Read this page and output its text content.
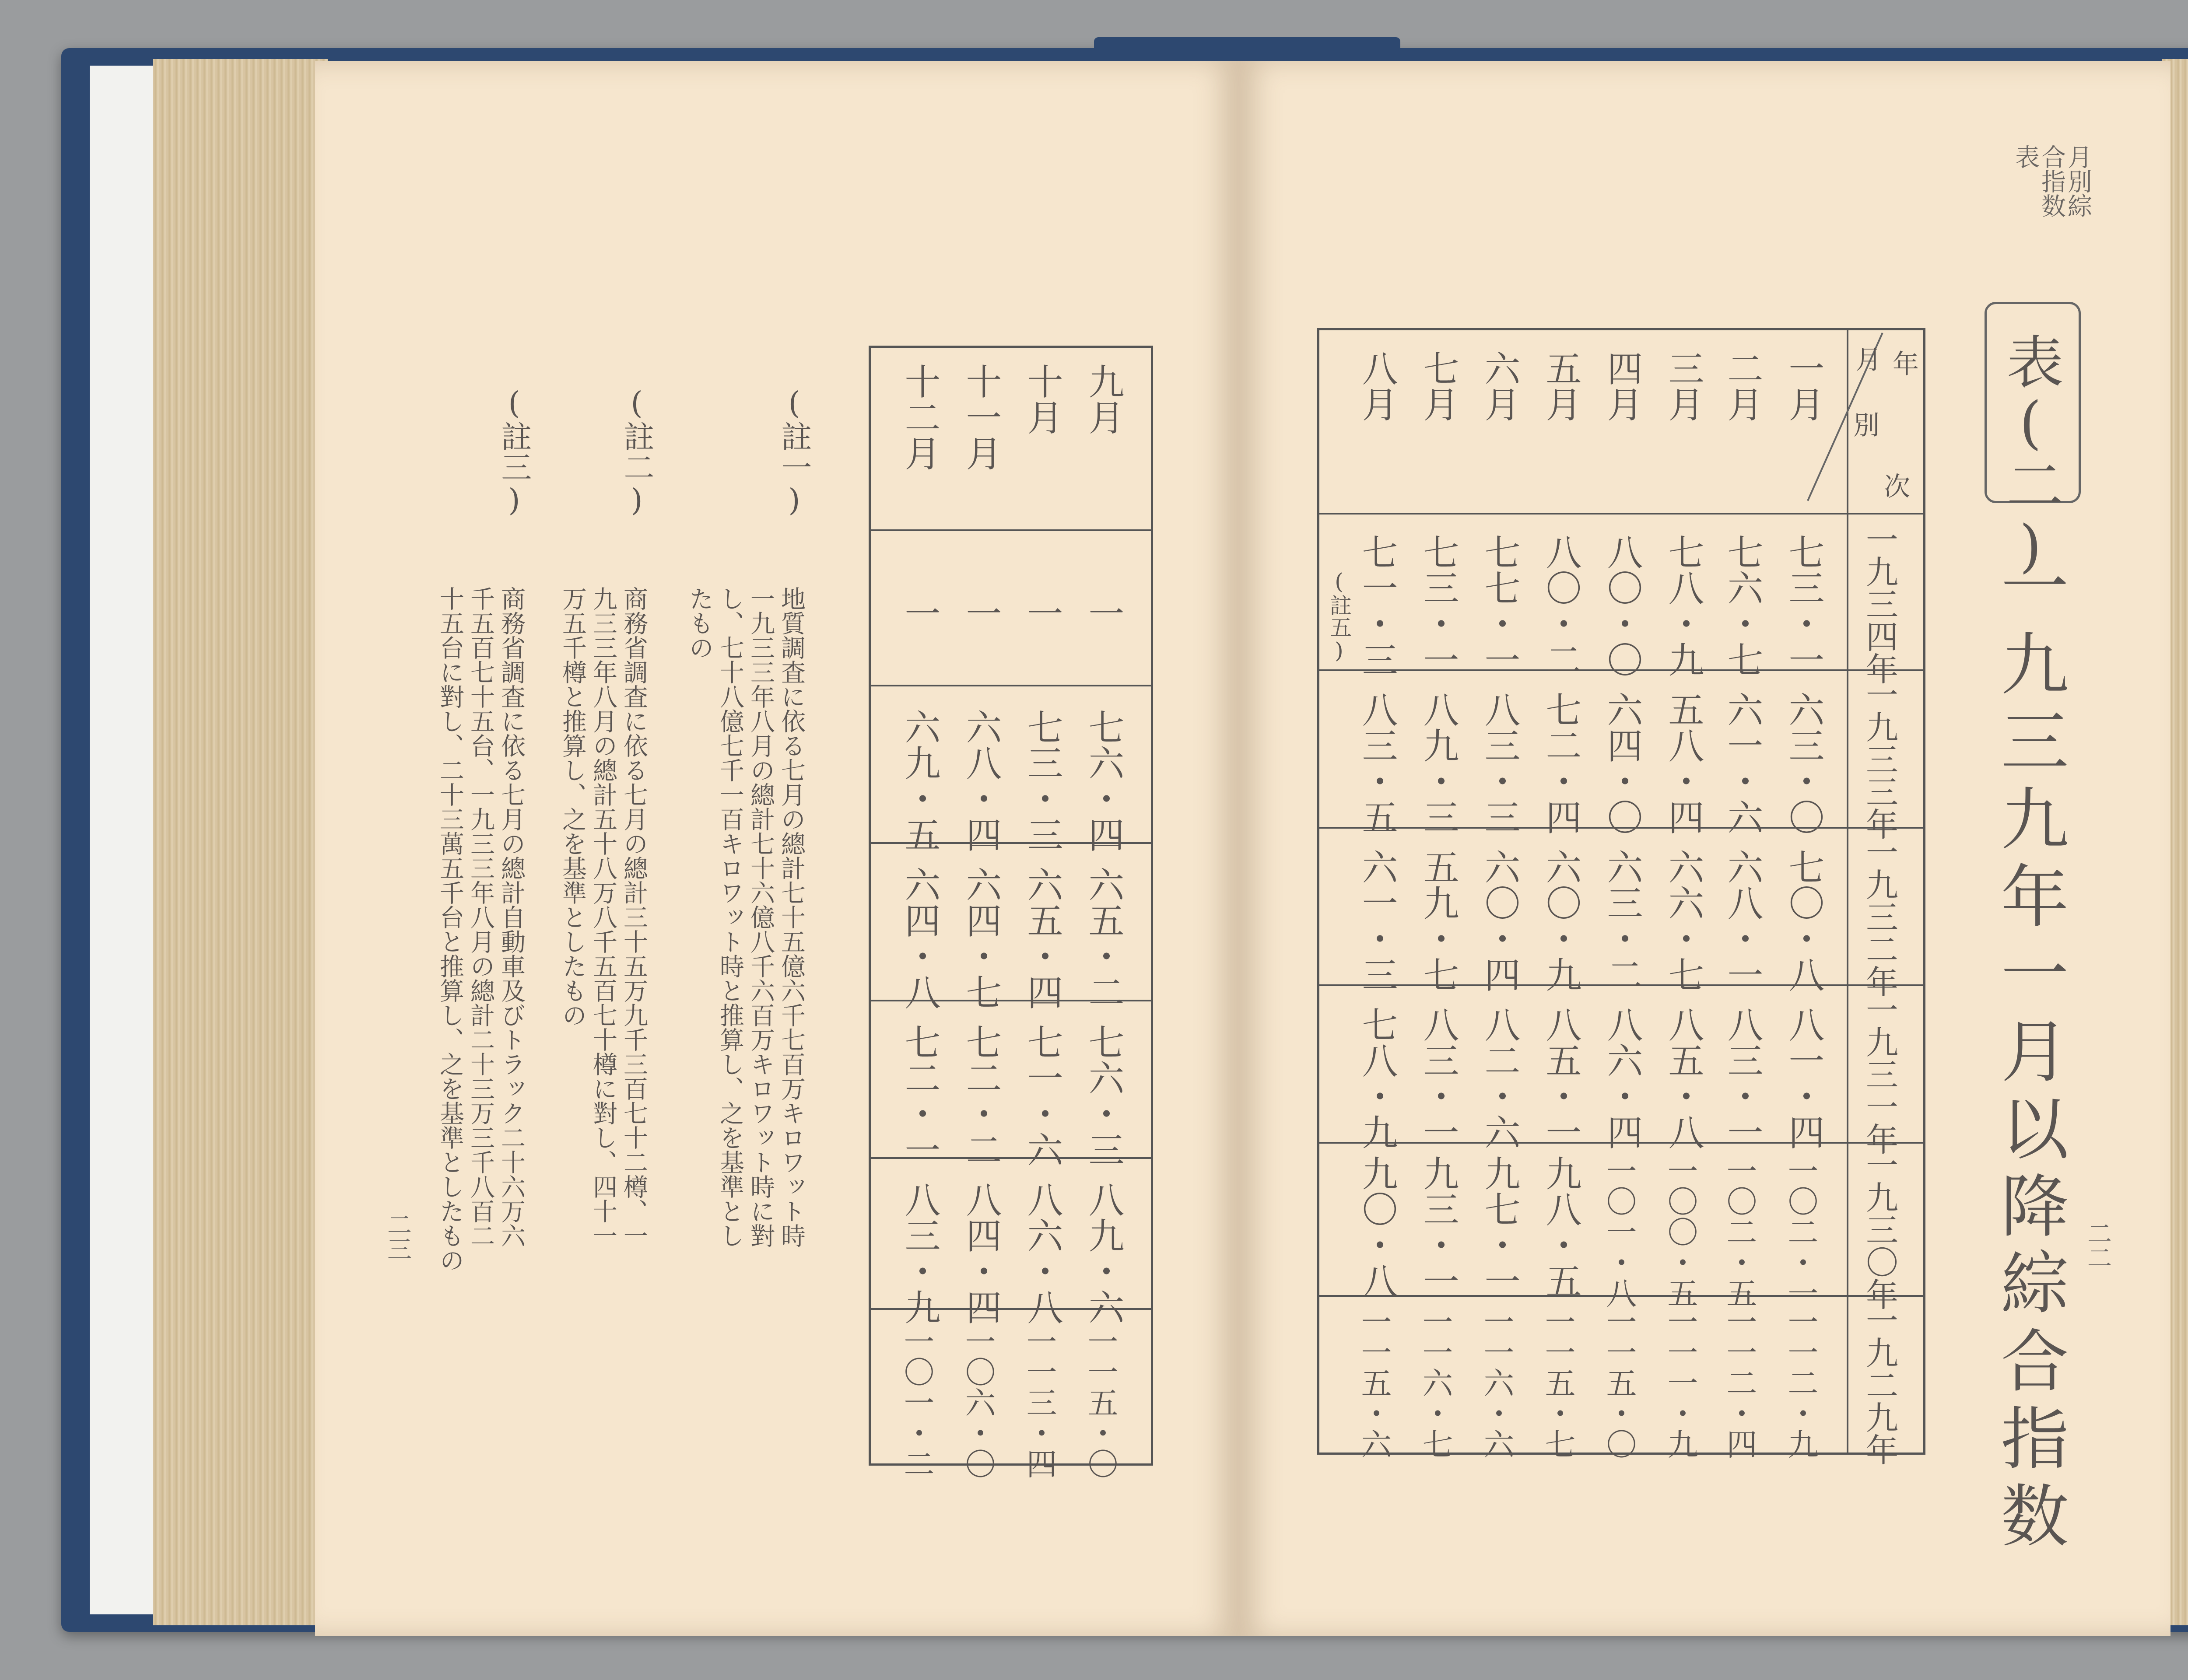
月別綜
合指数
表
表(二)
一九三九年一月以降綜合指数 二二
月 年
別
次
一月
二月
三月
四月
五月
六月
七月
八月
一九三四年
七三・一
七六・七
七八・九
八〇・〇
八〇・二
七七・一
七三・一
七一・三
(註五)
一九三三年
六三・〇
六一・六
五八・四
六四・〇
七二・四
八三・三
八九・三
八三・五
一九三二年
七〇・八
六八・一
六六・七
六三・二
六〇・九
六〇・四
五九・七
六一・三
一九三一年
八一・四
八三・一
八五・八
八六・四
八五・一
八二・六
八三・一
七八・九
一九三〇年
一〇二・一
一〇二・五
一〇〇・五
一〇一・八
九八・五
九七・一
九三・一
九〇・八
一九二九年
一一二・九
一一二・四
一一一・九
一一五・〇
一一五・七
一一六・六
一一六・七
一一五・六
九月
十月
十一月
十二月
一
一
一
一
七六・四
七三・三
六八・四
六九・五
六五・二
六五・四
六四・七
六四・八
七六・三
七一・六
七二・二
七二・一
八九・六
八六・八
八四・四
八三・九
一一五・〇
一一三・四
一〇六・〇
一〇一・二
(註一)
地質調査に依る七月の總計七十五億六千七百万キロワット時
一九三三年八月の總計七十六億八千六百万キロワット時に對
し、七十八億七千一百キロワット時と推算し、之を基準とし
たもの
(註二)
商務省調査に依る七月の總計三十五万九千三百七十二樽、一
九三三年八月の總計五十八万八千五百七十樽に對し、四十一
万五千樽と推算し、之を基準としたもの
(註三)
商務省調査に依る七月の總計自動車及びトラック二十六万六
千五百七十五台、一九三三年八月の總計二十三万三千八百二
十五台に對し、二十三萬五千台と推算し、之を基準としたもの
二三
